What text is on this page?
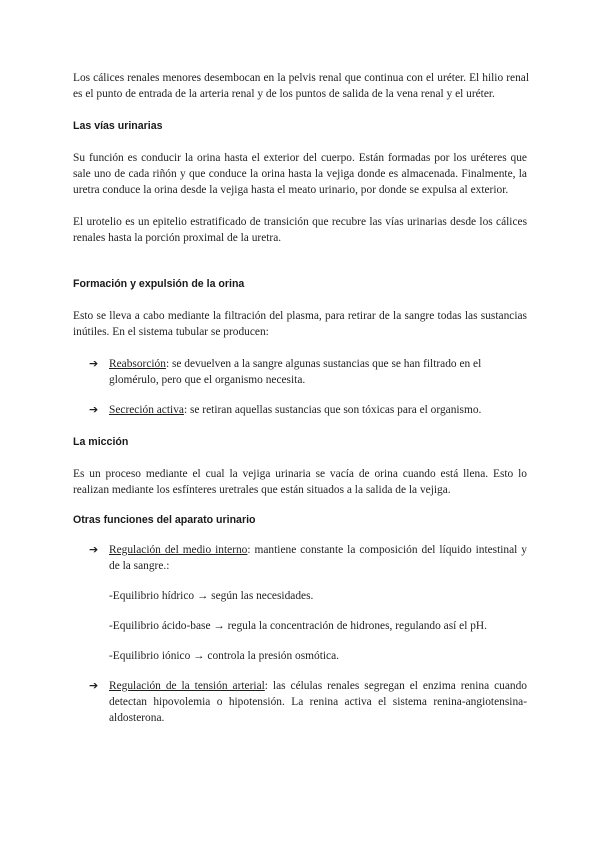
Los cálices renales menores desembocan en la pelvis renal que continua con el uréter. El hilio renal es el punto de entrada de la arteria renal y de los puntos de salida de la vena renal y el uréter.

Las vías urinarias

Su función es conducir la orina hasta el exterior del cuerpo. Están formadas por los uréteres que sale uno de cada riñón y que conduce la orina hasta la vejiga donde es almacenada. Finalmente, la uretra conduce la orina desde la vejiga hasta el meato urinario, por donde se expulsa al exterior.

El urotelio es un epitelio estratificado de transición que recubre las vías urinarias desde los cálices renales hasta la porción proximal de la uretra.

Formación y expulsión de la orina

Esto se lleva a cabo mediante la filtración del plasma, para retirar de la sangre todas las sustancias inútiles. En el sistema tubular se producen:

➔ Reabsorción: se devuelven a la sangre algunas sustancias que se han filtrado en el glomérulo, pero que el organismo necesita.

➔ Secreción activa: se retiran aquellas sustancias que son tóxicas para el organismo.

La micción

Es un proceso mediante el cual la vejiga urinaria se vacía de orina cuando está llena. Esto lo realizan mediante los esfínteres uretrales que están situados a la salida de la vejiga.

Otras funciones del aparato urinario
➔ Regulación del medio interno: mantiene constante la composición del líquido intestinal y de la sangre.:

-Equilibrio hídrico → según las necesidades.

-Equilibrio ácido-base → regula la concentración de hidrones, regulando así el pH.

-Equilibrio iónico → controla la presión osmótica.

➔ Regulación de la tensión arterial: las células renales segregan el enzima renina cuando detectan hipovolemia o hipotensión. La renina activa el sistema renina-angiotensina-aldosterona.
